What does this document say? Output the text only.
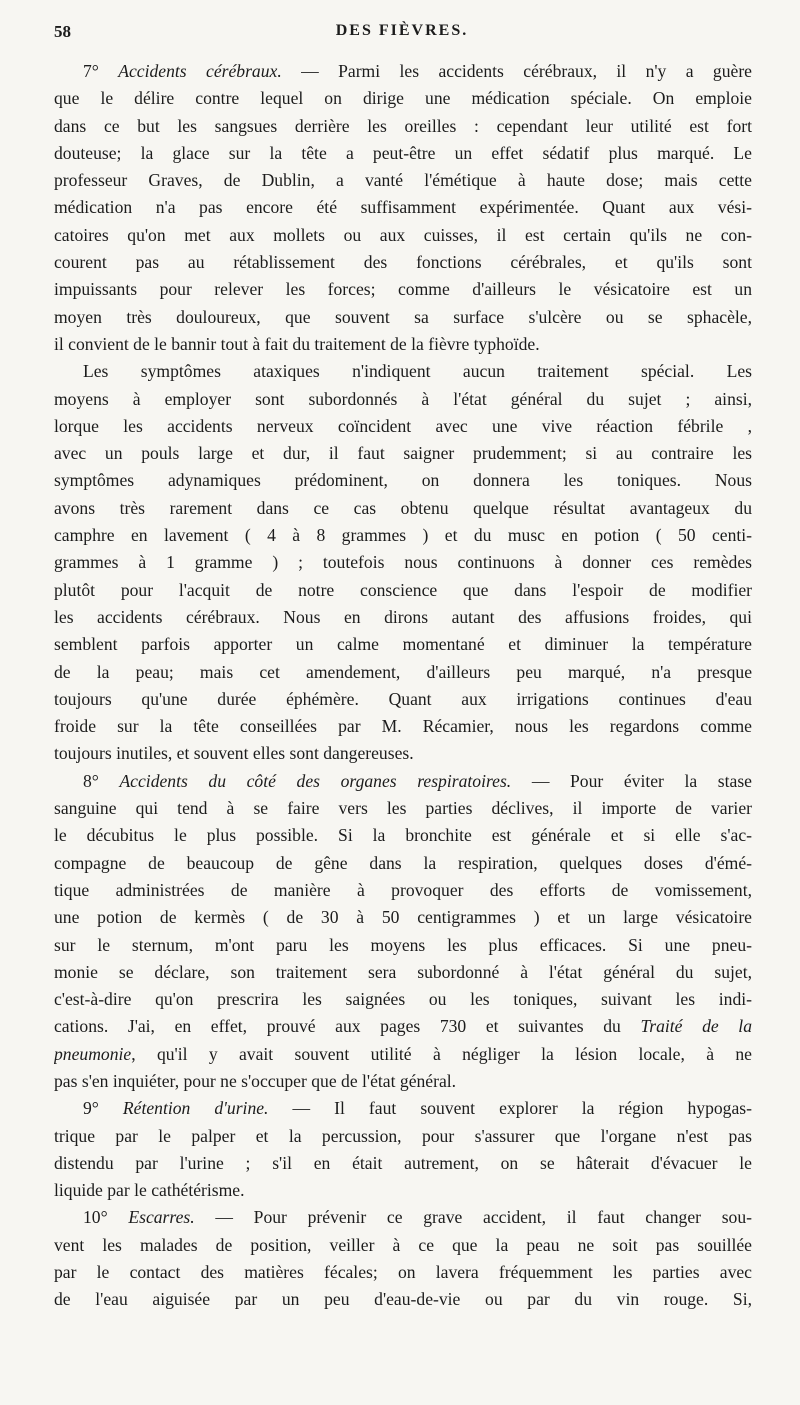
58	DES FIÈVRES.
7° Accidents cérébraux. — Parmi les accidents cérébraux, il n'y a guère
que le délire contre lequel on dirige une médication spéciale. On emploie
dans ce but les sangsues derrière les oreilles : cependant leur utilité est fort
douteuse; la glace sur la tête a peut-être un effet sédatif plus marqué. Le
professeur Graves, de Dublin, a vanté l'émétique à haute dose; mais cette
médication n'a pas encore été suffisamment expérimentée. Quant aux vési-
catoires qu'on met aux mollets ou aux cuisses, il est certain qu'ils ne con-
courent pas au rétablissement des fonctions cérébrales, et qu'ils sont
impuissants pour relever les forces; comme d'ailleurs le vésicatoire est un
moyen très douloureux, que souvent sa surface s'ulcère ou se sphacèle,
il convient de le bannir tout à fait du traitement de la fièvre typhoïde.
Les symptômes ataxiques n'indiquent aucun traitement spécial. Les
moyens à employer sont subordonnés à l'état général du sujet ; ainsi,
lorque les accidents nerveux coïncident avec une vive réaction fébrile ,
avec un pouls large et dur, il faut saigner prudemment; si au contraire les
symptômes adynamiques prédominent, on donnera les toniques. Nous
avons très rarement dans ce cas obtenu quelque résultat avantageux du
camphre en lavement ( 4 à 8 grammes ) et du musc en potion ( 50 centi-
grammes à 1 gramme ) ; toutefois nous continuons à donner ces remèdes
plutôt pour l'acquit de notre conscience que dans l'espoir de modifier
les accidents cérébraux. Nous en dirons autant des affusions froides, qui
semblent parfois apporter un calme momentané et diminuer la température
de la peau; mais cet amendement, d'ailleurs peu marqué, n'a presque
toujours qu'une durée éphémère. Quant aux irrigations continues d'eau
froide sur la tête conseillées par M. Récamier, nous les regardons comme
toujours inutiles, et souvent elles sont dangereuses.
8° Accidents du côté des organes respiratoires. — Pour éviter la stase
sanguine qui tend à se faire vers les parties déclives, il importe de varier
le décubitus le plus possible. Si la bronchite est générale et si elle s'ac-
compagne de beaucoup de gêne dans la respiration, quelques doses d'émé-
tique administrées de manière à provoquer des efforts de vomissement,
une potion de kermès ( de 30 à 50 centigrammes ) et un large vésicatoire
sur le sternum, m'ont paru les moyens les plus efficaces. Si une pneu-
monie se déclare, son traitement sera subordonné à l'état général du sujet,
c'est-à-dire qu'on prescrira les saignées ou les toniques, suivant les indi-
cations. J'ai, en effet, prouvé aux pages 730 et suivantes du Traité de la
pneumonie, qu'il y avait souvent utilité à négliger la lésion locale, à ne
pas s'en inquiéter, pour ne s'occuper que de l'état général.
9° Rétention d'urine. — Il faut souvent explorer la région hypogas-
trique par le palper et la percussion, pour s'assurer que l'organe n'est pas
distendu par l'urine ; s'il en était autrement, on se hâterait d'évacuer le
liquide par le cathétérisme.
10° Escarres. — Pour prévenir ce grave accident, il faut changer sou-
vent les malades de position, veiller à ce que la peau ne soit pas souillée
par le contact des matières fécales; on lavera fréquemment les parties avec
de l'eau aiguisée par un peu d'eau-de-vie ou par du vin rouge. Si,
